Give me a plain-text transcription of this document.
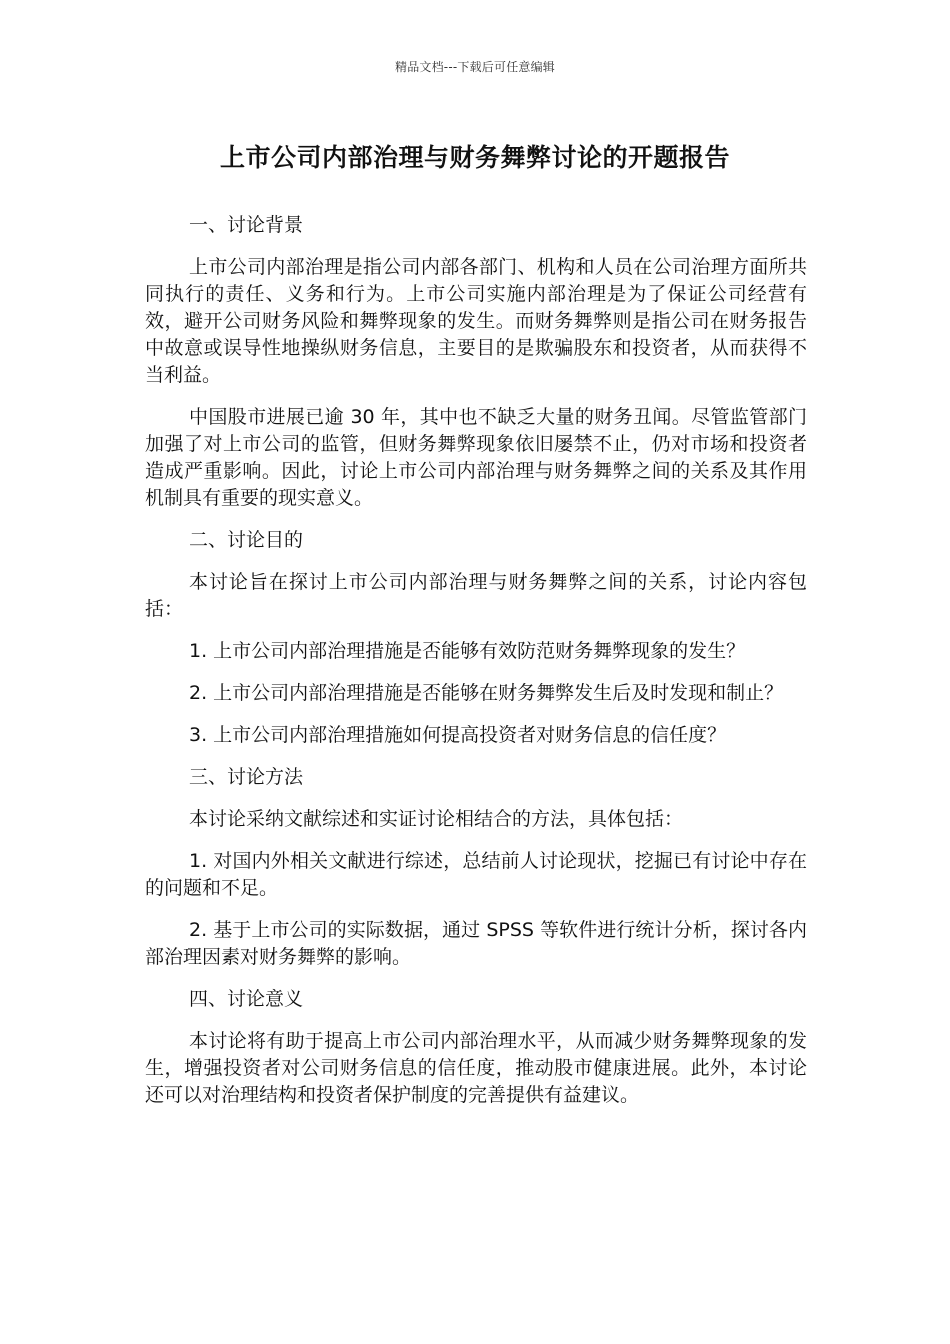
精品文档---下载后可任意编辑
上市公司内部治理与财务舞弊讨论的开题报告

一、讨论背景

上市公司内部治理是指公司内部各部门、机构和人员在公司治理方面所共同执行的责任、义务和行为。上市公司实施内部治理是为了保证公司经营有效，避开公司财务风险和舞弊现象的发生。而财务舞弊则是指公司在财务报告中故意或误导性地操纵财务信息，主要目的是欺骗股东和投资者，从而获得不当利益。

中国股市进展已逾 30 年，其中也不缺乏大量的财务丑闻。尽管监管部门加强了对上市公司的监管，但财务舞弊现象依旧屡禁不止，仍对市场和投资者造成严重影响。因此，讨论上市公司内部治理与财务舞弊之间的关系及其作用机制具有重要的现实意义。

二、讨论目的

本讨论旨在探讨上市公司内部治理与财务舞弊之间的关系，讨论内容包括：

1. 上市公司内部治理措施是否能够有效防范财务舞弊现象的发生？

2. 上市公司内部治理措施是否能够在财务舞弊发生后及时发现和制止？

3. 上市公司内部治理措施如何提高投资者对财务信息的信任度？

三、讨论方法

本讨论采纳文献综述和实证讨论相结合的方法，具体包括：

1. 对国内外相关文献进行综述，总结前人讨论现状，挖掘已有讨论中存在的问题和不足。

2. 基于上市公司的实际数据，通过 SPSS 等软件进行统计分析，探讨各内部治理因素对财务舞弊的影响。

四、讨论意义

本讨论将有助于提高上市公司内部治理水平，从而减少财务舞弊现象的发生，增强投资者对公司财务信息的信任度，推动股市健康进展。此外，本讨论还可以对治理结构和投资者保护制度的完善提供有益建议。
